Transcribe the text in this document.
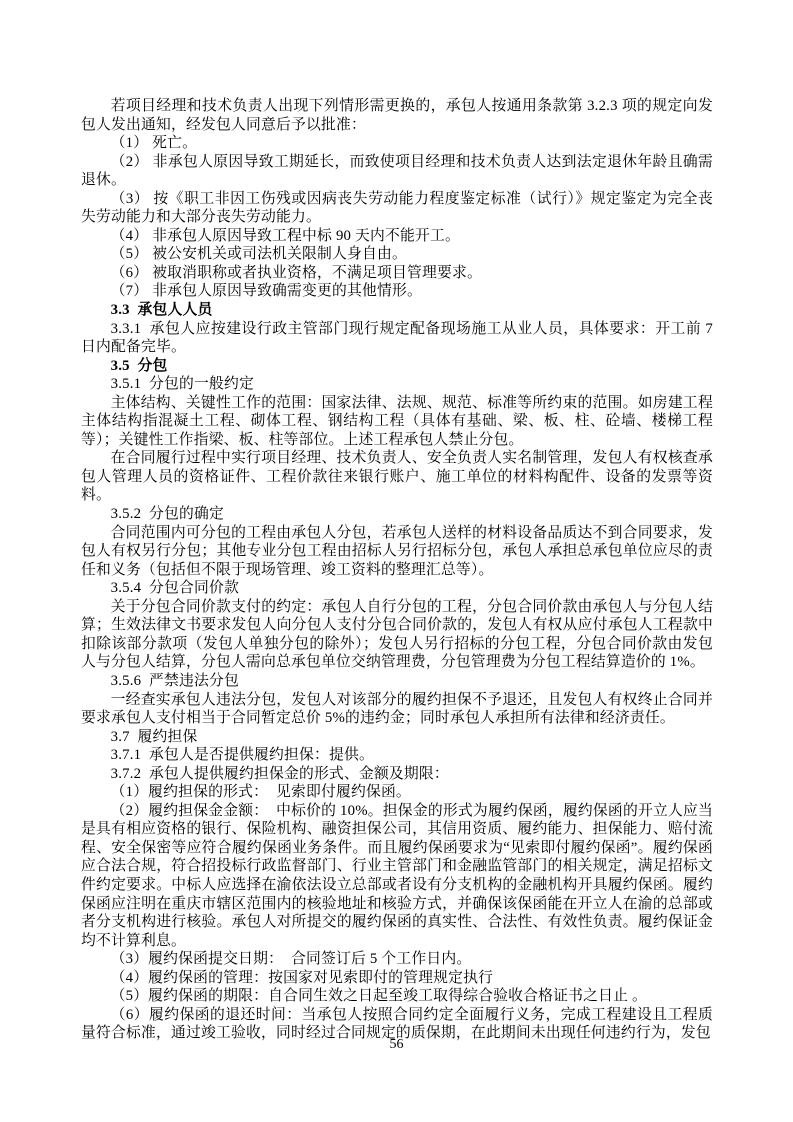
若项目经理和技术负责人出现下列情形需更换的，承包人按通用条款第 3.2.3 项的规定向发包人发出通知，经发包人同意后予以批准：

（1） 死亡。

（2） 非承包人原因导致工期延长，而致使项目经理和技术负责人达到法定退休年龄且确需退休。

（3） 按《职工非因工伤残或因病丧失劳动能力程度鉴定标准（试行）》规定鉴定为完全丧失劳动能力和大部分丧失劳动能力。

（4） 非承包人原因导致工程中标 90 天内不能开工。

（5） 被公安机关或司法机关限制人身自由。

（6） 被取消职称或者执业资格，不满足项目管理要求。

（7） 非承包人原因导致确需变更的其他情形。

3.3  承包人人员

3.3.1  承包人应按建设行政主管部门现行规定配备现场施工从业人员，具体要求：开工前 7 日内配备完毕。

3.5  分包

3.5.1  分包的一般约定

主体结构、关键性工作的范围：国家法律、法规、规范、标准等所约束的范围。如房建工程主体结构指混凝土工程、砌体工程、钢结构工程（具体有基础、梁、板、柱、砼墙、楼梯工程等）；关键性工作指梁、板、柱等部位。上述工程承包人禁止分包。

在合同履行过程中实行项目经理、技术负责人、安全负责人实名制管理，发包人有权核查承包人管理人员的资格证件、工程价款往来银行账户、施工单位的材料构配件、设备的发票等资料。

3.5.2  分包的确定

合同范围内可分包的工程由承包人分包，若承包人送样的材料设备品质达不到合同要求，发包人有权另行分包；其他专业分包工程由招标人另行招标分包，承包人承担总承包单位应尽的责任和义务（包括但不限于现场管理、竣工资料的整理汇总等）。

3.5.4  分包合同价款

关于分包合同价款支付的约定：承包人自行分包的工程，分包合同价款由承包人与分包人结算；生效法律文书要求发包人向分包人支付分包合同价款的，发包人有权从应付承包人工程款中扣除该部分款项（发包人单独分包的除外）；发包人另行招标的分包工程，分包合同价款由发包人与分包人结算，分包人需向总承包单位交纳管理费，分包管理费为分包工程结算造价的 1%。

3.5.6  严禁违法分包

一经查实承包人违法分包，发包人对该部分的履约担保不予退还，且发包人有权终止合同并要求承包人支付相当于合同暂定总价 5%的违约金；同时承包人承担所有法律和经济责任。

3.7  履约担保

3.7.1  承包人是否提供履约担保：提供。

3.7.2  承包人提供履约担保金的形式、金额及期限：

（1）履约担保的形式：  见索即付履约保函。

（2）履约担保金金额：  中标价的 10%。担保金的形式为履约保函，履约保函的开立人应当是具有相应资格的银行、保险机构、融资担保公司，其信用资质、履约能力、担保能力、赔付流程、安全保密等应符合履约保函业务条件。而且履约保函要求为“见索即付履约保函”。履约保函应合法合规，符合招投标行政监督部门、行业主管部门和金融监管部门的相关规定，满足招标文件约定要求。中标人应选择在渝依法设立总部或者设有分支机构的金融机构开具履约保函。履约保函应注明在重庆市辖区范围内的核验地址和核验方式，并确保该保函能在开立人在渝的总部或者分支机构进行核验。承包人对所提交的履约保函的真实性、合法性、有效性负责。履约保证金均不计算利息。

（3）履约保函提交日期：  合同签订后 5 个工作日内。

（4）履约保函的管理：按国家对见索即付的管理规定执行

（5）履约保函的期限：自合同生效之日起至竣工取得综合验收合格证书之日止 。

（6）履约保函的退还时间：当承包人按照合同约定全面履行义务，完成工程建设且工程质量符合标准，通过竣工验收，同时经过合同规定的质保期，在此期间未出现任何违约行为，发包

56
